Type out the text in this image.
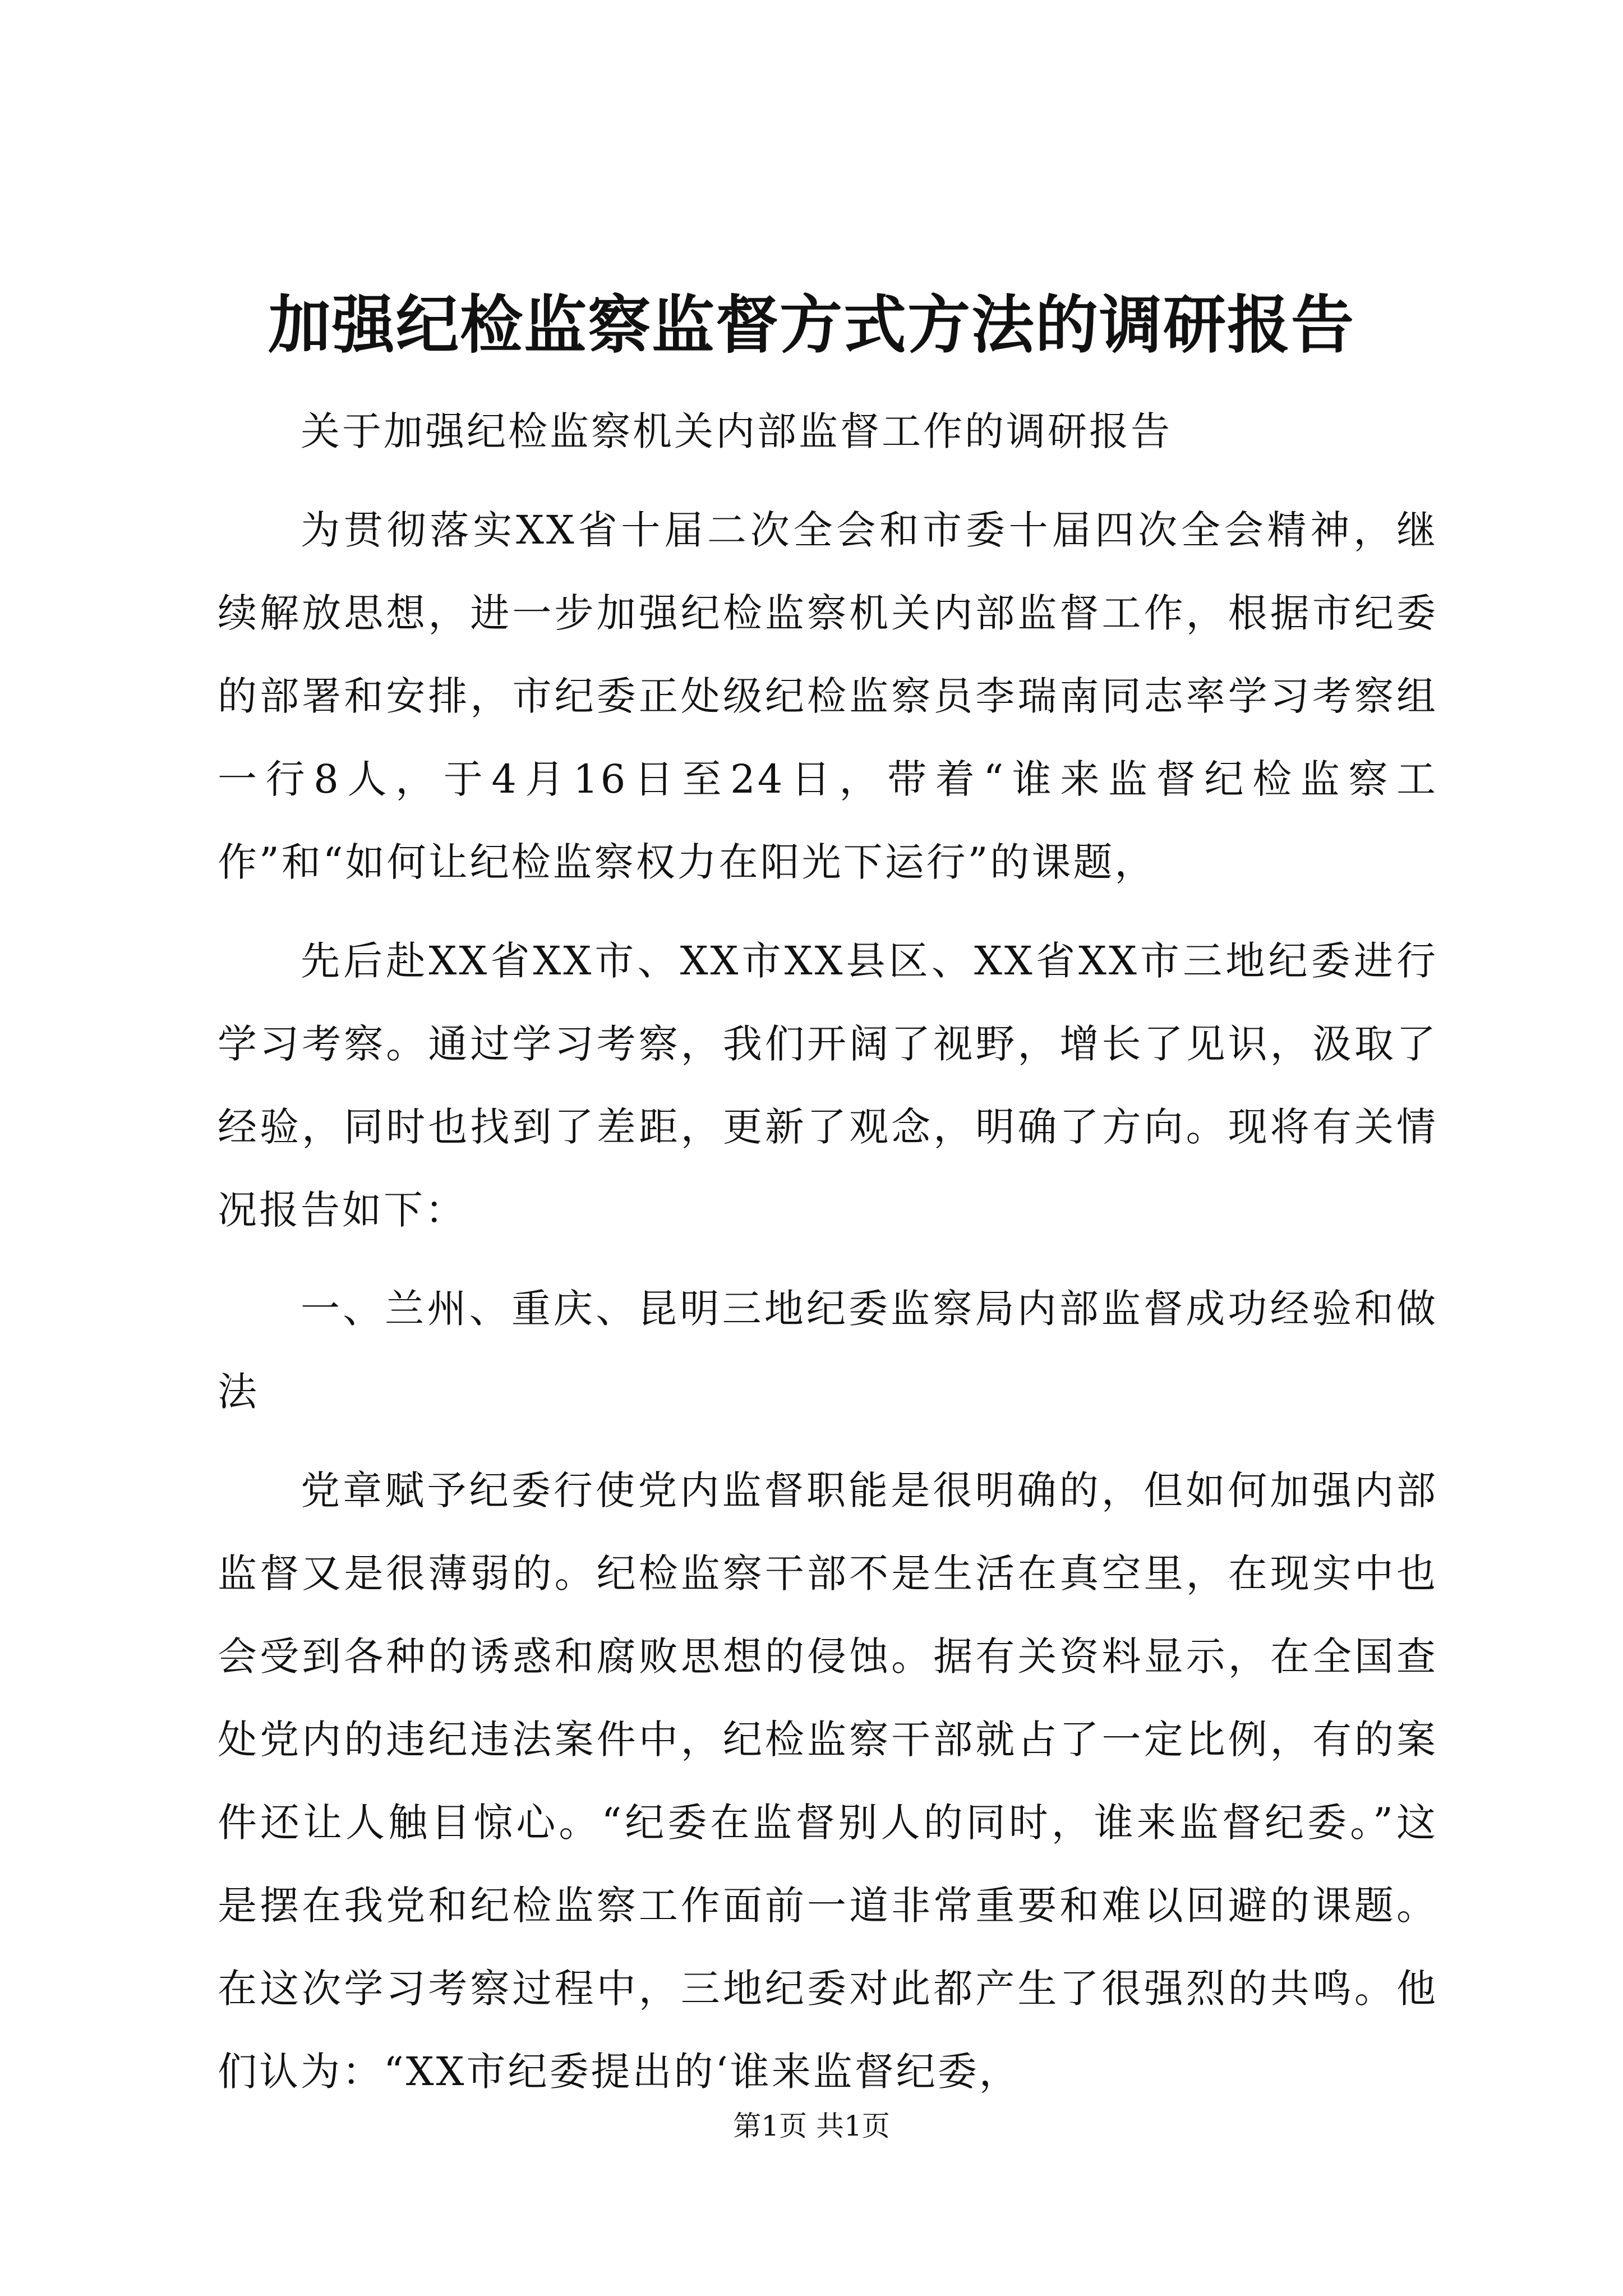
加强纪检监察监督方式方法的调研报告

关于加强纪检监察机关内部监督工作的调研报告

为贯彻落实XX省十届二次全会和市委十届四次全会精神，继续解放思想，进一步加强纪检监察机关内部监督工作，根据市纪委的部署和安排，市纪委正处级纪检监察员李瑞南同志率学习考察组一行8人，于4月16日至24日，带着“谁来监督纪检监察工作”和“如何让纪检监察权力在阳光下运行”的课题，

先后赴XX省XX市、XX市XX县区、XX省XX市三地纪委进行学习考察。通过学习考察，我们开阔了视野，增长了见识，汲取了经验，同时也找到了差距，更新了观念，明确了方向。现将有关情况报告如下：

一、兰州、重庆、昆明三地纪委监察局内部监督成功经验和做法

党章赋予纪委行使党内监督职能是很明确的，但如何加强内部监督又是很薄弱的。纪检监察干部不是生活在真空里，在现实中也会受到各种的诱惑和腐败思想的侵蚀。据有关资料显示，在全国查处党内的违纪违法案件中，纪检监察干部就占了一定比例，有的案件还让人触目惊心。“纪委在监督别人的同时，谁来监督纪委。”这是摆在我党和纪检监察工作面前一道非常重要和难以回避的课题。在这次学习考察过程中，三地纪委对此都产生了很强烈的共鸣。他们认为：“XX市纪委提出的‘谁来监督纪委，

第1页 共1页
